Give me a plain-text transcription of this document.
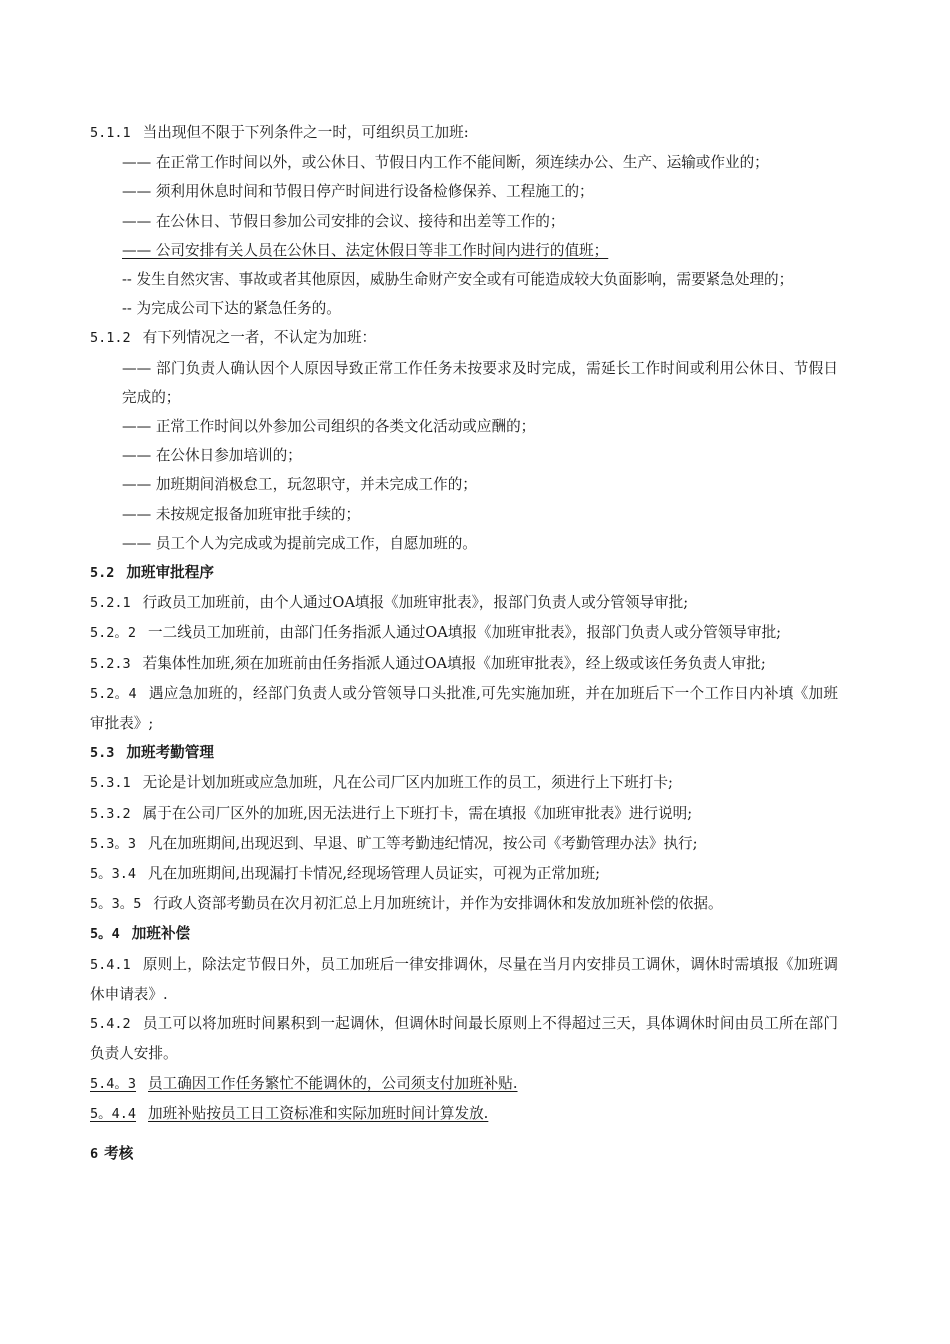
5.1.1 当出现但不限于下列条件之一时，可组织员工加班:
—— 在正常工作时间以外，或公休日、节假日内工作不能间断，须连续办公、生产、运输或作业的；
—— 须利用休息时间和节假日停产时间进行设备检修保养、工程施工的；
—— 在公休日、节假日参加公司安排的会议、接待和出差等工作的；
—— 公司安排有关人员在公休日、法定休假日等非工作时间内进行的值班；
-- 发生自然灾害、事故或者其他原因，威胁生命财产安全或有可能造成较大负面影响，需要紧急处理的；
-- 为完成公司下达的紧急任务的。
5.1.2 有下列情况之一者，不认定为加班：
—— 部门负责人确认因个人原因导致正常工作任务未按要求及时完成，需延长工作时间或利用公休日、节假日完成的；
—— 正常工作时间以外参加公司组织的各类文化活动或应酬的；
—— 在公休日参加培训的；
—— 加班期间消极怠工，玩忽职守，并未完成工作的；
—— 未按规定报备加班审批手续的；
—— 员工个人为完成或为提前完成工作，自愿加班的。
5.2 加班审批程序
5.2.1 行政员工加班前，由个人通过OA填报《加班审批表》，报部门负责人或分管领导审批;
5.2。2 一二线员工加班前，由部门任务指派人通过OA填报《加班审批表》，报部门负责人或分管领导审批;
5.2.3 若集体性加班,须在加班前由任务指派人通过OA填报《加班审批表》，经上级或该任务负责人审批;
5.2。4 遇应急加班的，经部门负责人或分管领导口头批准,可先实施加班，并在加班后下一个工作日内补填《加班审批表》;
5.3 加班考勤管理
5.3.1 无论是计划加班或应急加班，凡在公司厂区内加班工作的员工，须进行上下班打卡;
5.3.2 属于在公司厂区外的加班,因无法进行上下班打卡，需在填报《加班审批表》进行说明;
5.3。3 凡在加班期间,出现迟到、早退、旷工等考勤违纪情况，按公司《考勤管理办法》执行;
5。3.4 凡在加班期间,出现漏打卡情况,经现场管理人员证实，可视为正常加班;
5。3。5 行政人资部考勤员在次月初汇总上月加班统计，并作为安排调休和发放加班补偿的依据。
5。4 加班补偿
5.4.1 原则上，除法定节假日外，员工加班后一律安排调休，尽量在当月内安排员工调休，调休时需填报《加班调休申请表》.
5.4.2 员工可以将加班时间累积到一起调休，但调休时间最长原则上不得超过三天，具体调休时间由员工所在部门负责人安排。
5.4。3 员工确因工作任务繁忙不能调休的，公司须支付加班补贴.
5。4.4 加班补贴按员工日工资标准和实际加班时间计算发放.
6 考核
